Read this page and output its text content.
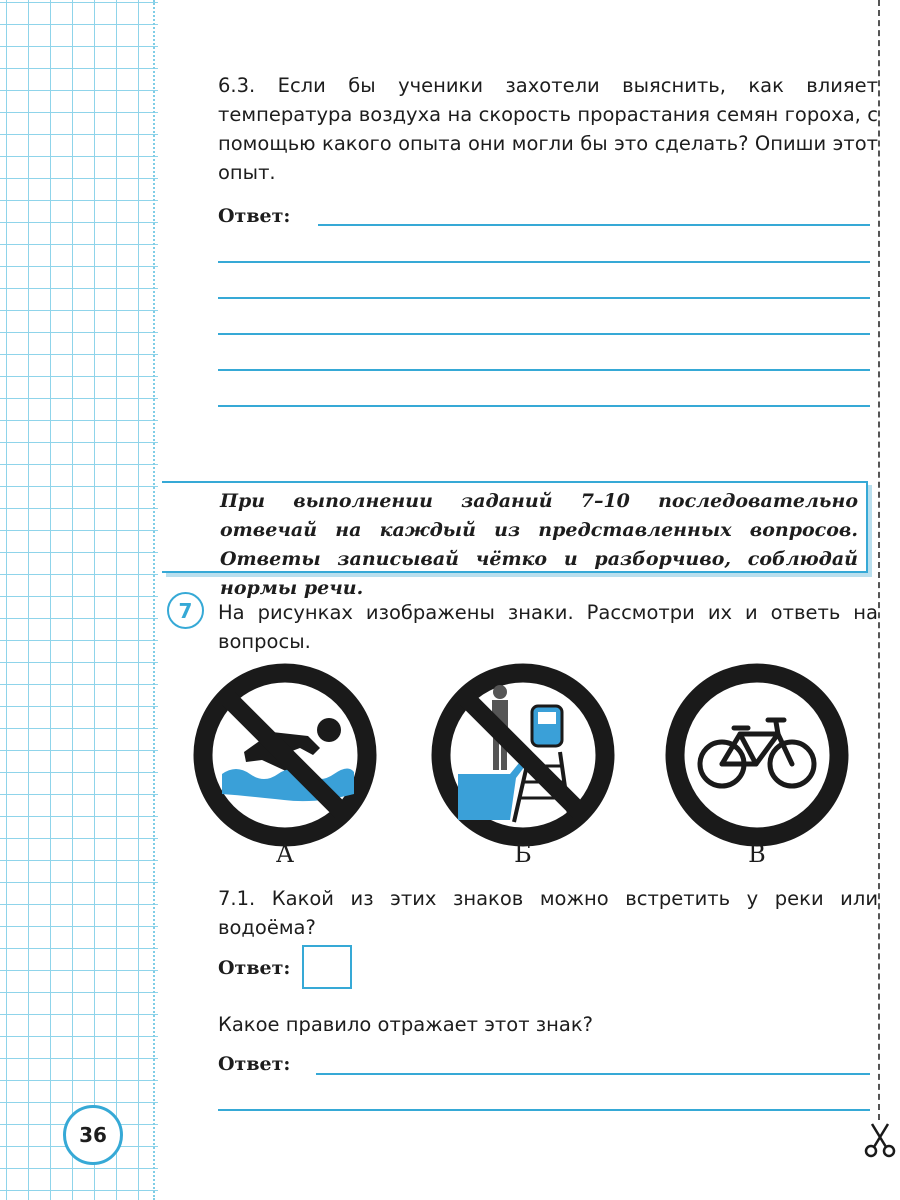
6.3. Если бы ученики захотели выяснить, как влияет температура воздуха на скорость прорастания семян гороха, с помощью какого опыта они могли бы это сделать? Опиши этот опыт.
Ответ:
При выполнении заданий 7–10 последовательно отвечай на каждый из представленных вопросов. Ответы записывай чётко и разборчиво, соблюдай нормы речи.
7	На рисунках изображены знаки. Рассмотри их и ответь на вопросы.
А	Б	В
7.1. Какой из этих знаков можно встретить у реки или водоёма?
Ответ:
Какое правило отражает этот знак?
Ответ:
36
